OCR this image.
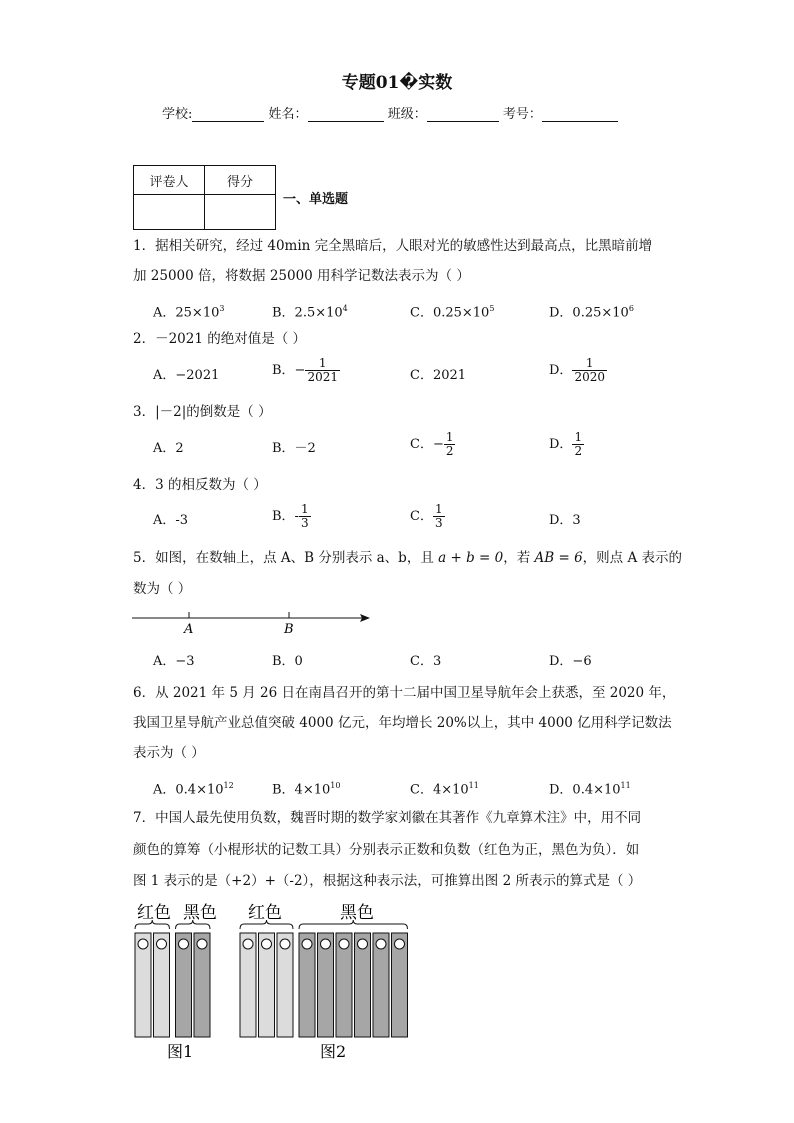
专题01�实数
学校:	姓名：	班级：	考号：
评卷人	得分

一、单选题
1．据相关研究，经过 40min 完全黑暗后，人眼对光的敏感性达到最高点，比黑暗前增
加 25000 倍，将数据 25000 用科学记数法表示为（ ）
A．$25\times 10^3$	B．$2.5\times 10^4$	C．$0.25\times 10^5$	D．$0.25\times 10^6$
2．－2021 的绝对值是（ ）
A．−2021	B．− $\frac{1}{2021}$	C．2021	D． $\frac{1}{2020}$
3．|－2|的倒数是（ ）
A．2	B．－2	C．− $\frac{1}{2}$	D． $\frac{1}{2}$
4．3 的相反数为（ ）
A．-3	B．- $\frac{1}{3}$	C． $\frac{1}{3}$	D．3
5．如图，在数轴上，点 A、B 分别表示 a、b，且 a + b = 0，若 AB = 6，则点 A 表示的
数为（ ）
A	B
A．−3	B．0	C．3	D．−6
6．从 2021 年 5 月 26 日在南昌召开的第十二届中国卫星导航年会上获悉，至 2020 年，
我国卫星导航产业总值突破 4000 亿元，年均增长 20%以上，其中 4000 亿用科学记数法
表示为（ ）
A．$0.4\times 10^{12}$	B．$4\times 10^{10}$	C．$4\times 10^{11}$	D．$0.4\times 10^{11}$
7．中国人最先使用负数，魏晋时期的数学家刘徽在其著作《九章算术注》中，用不同
颜色的算筹（小棍形状的记数工具）分别表示正数和负数（红色为正，黑色为负）．如
图 1 表示的是（+2）+（-2），根据这种表示法，可推算出图 2 所表示的算式是（ ）
红色 黑色 红色	黑色
图1	图2
